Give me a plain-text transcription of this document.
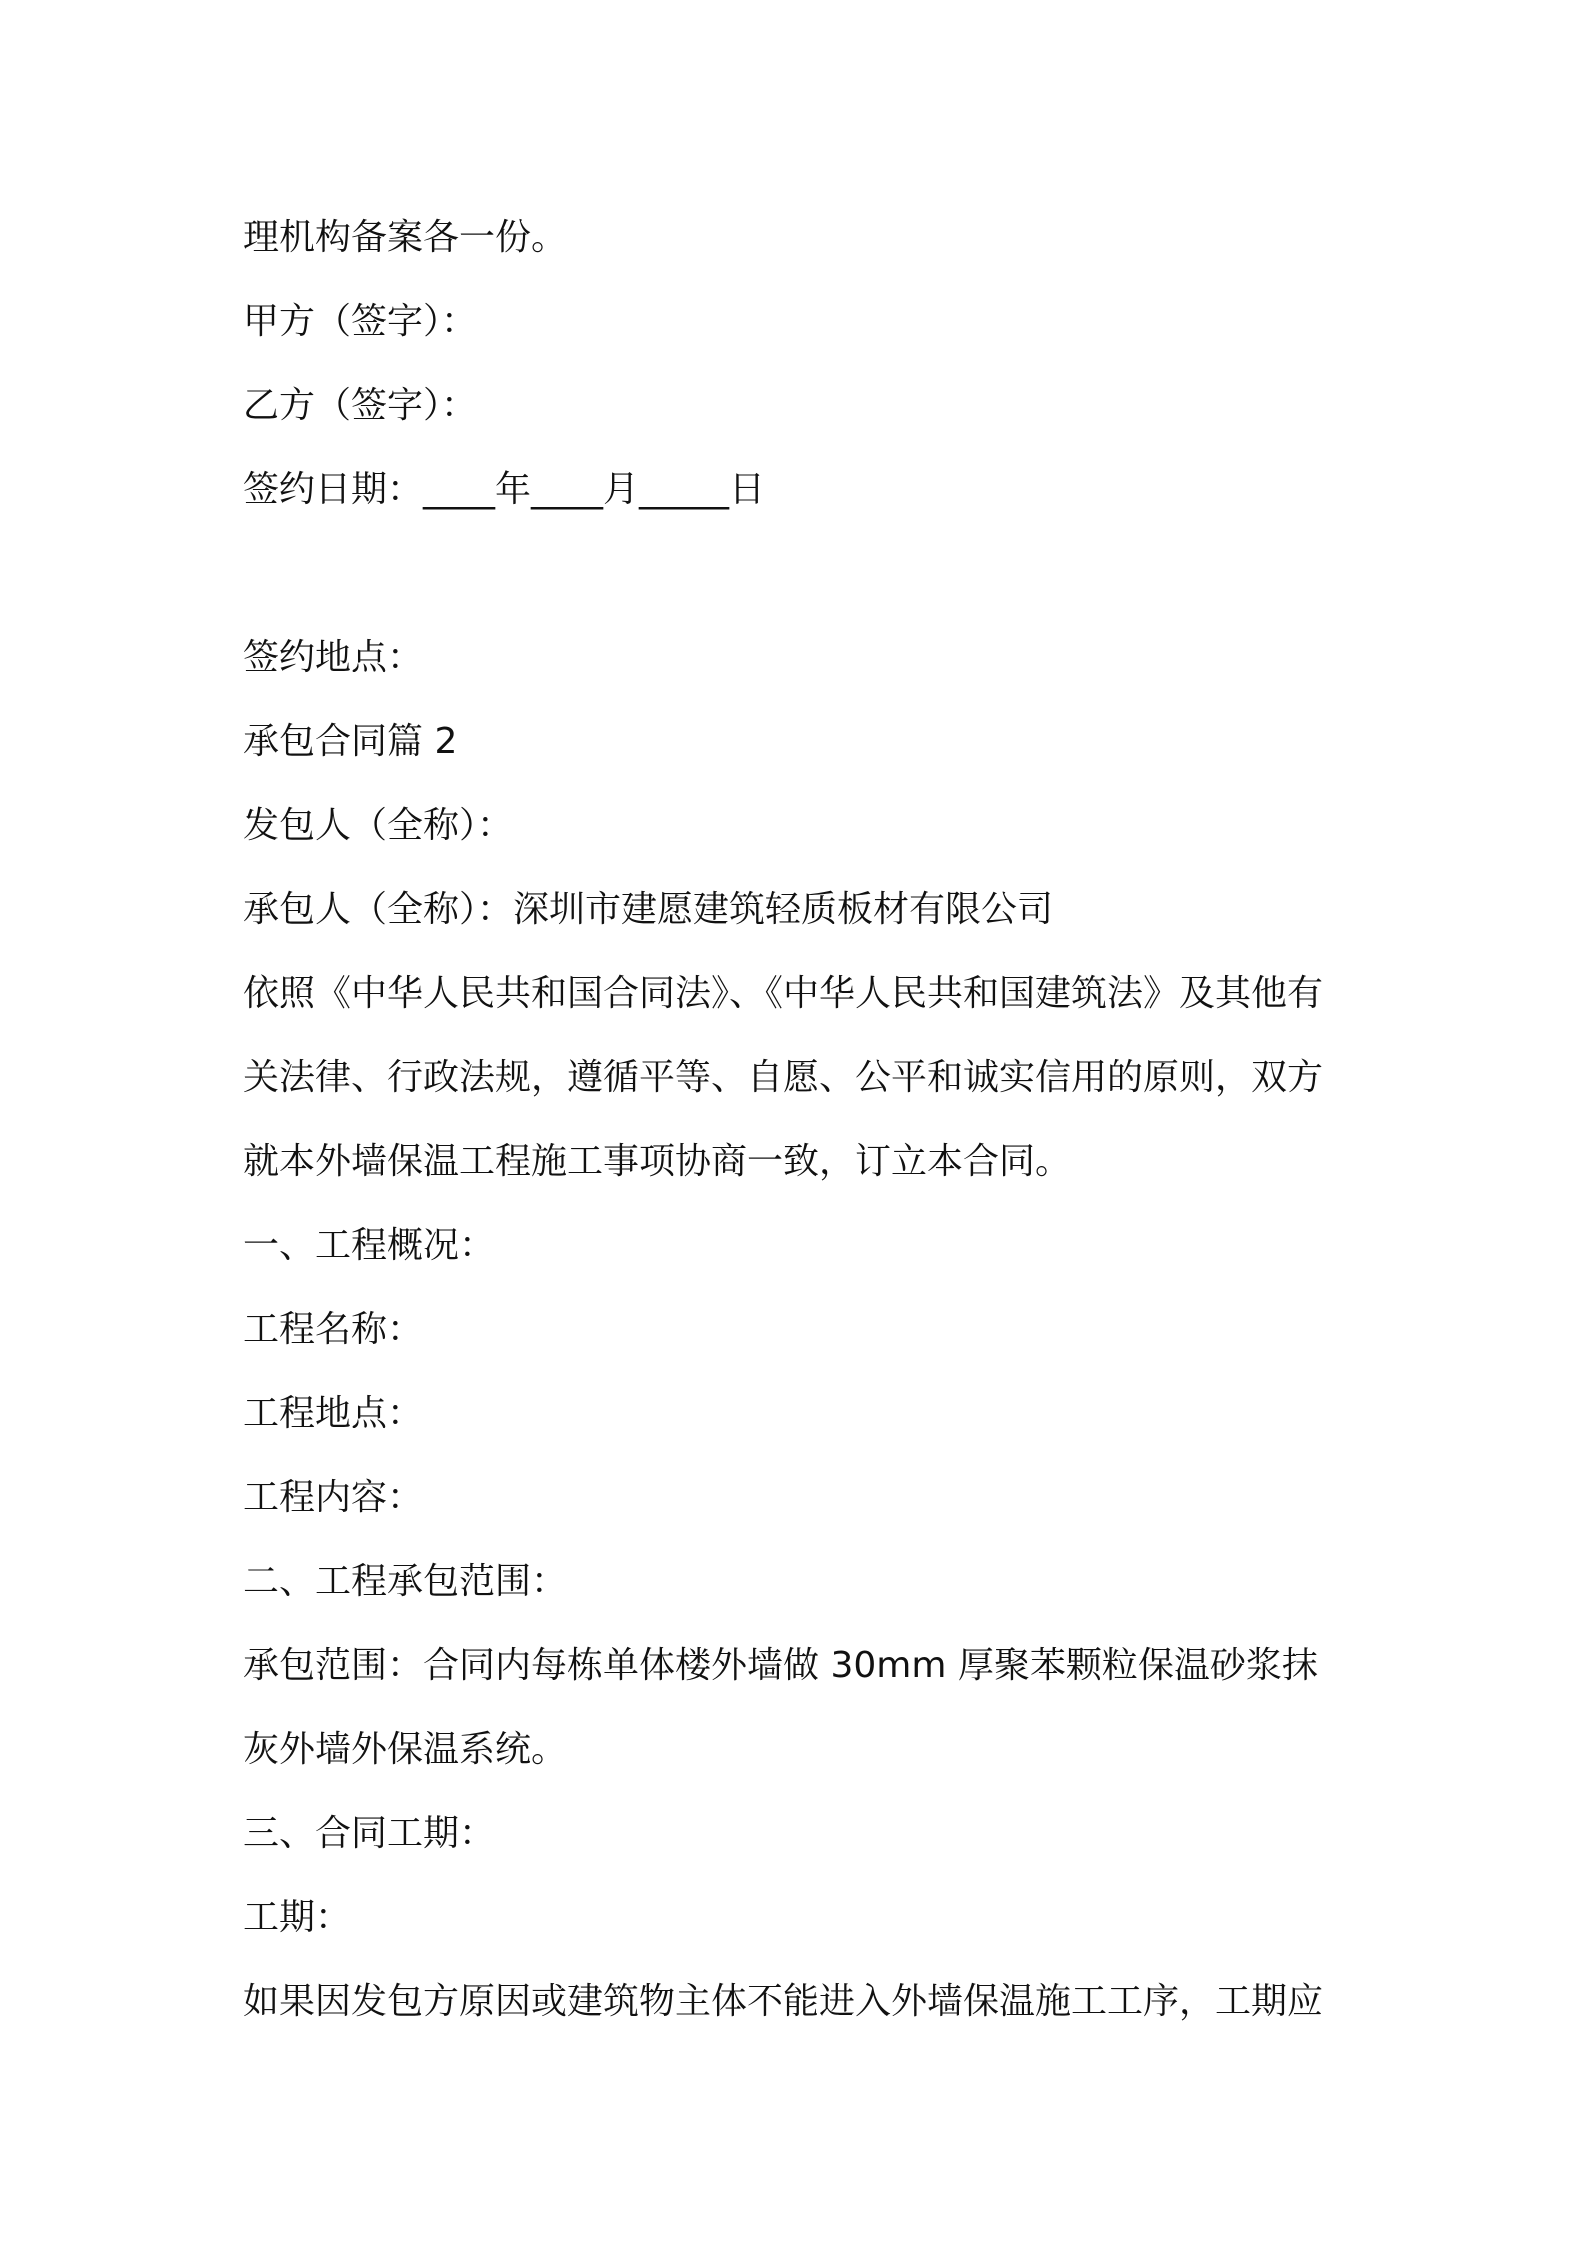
理机构备案各一份。
甲方（签字）：
乙方（签字）：
签约日期：____年____月_____日
签约地点：
承包合同篇 2
发包人（全称）：
承包人（全称）：深圳市建愿建筑轻质板材有限公司
依照《中华人民共和国合同法》、《中华人民共和国建筑法》及其他有
关法律、行政法规，遵循平等、自愿、公平和诚实信用的原则，双方
就本外墙保温工程施工事项协商一致，订立本合同。
一、工程概况：
工程名称：
工程地点：
工程内容：
二、工程承包范围：
承包范围：合同内每栋单体楼外墙做 30mm 厚聚苯颗粒保温砂浆抹
灰外墙外保温系统。
三、合同工期：
工期：
如果因发包方原因或建筑物主体不能进入外墙保温施工工序，工期应
